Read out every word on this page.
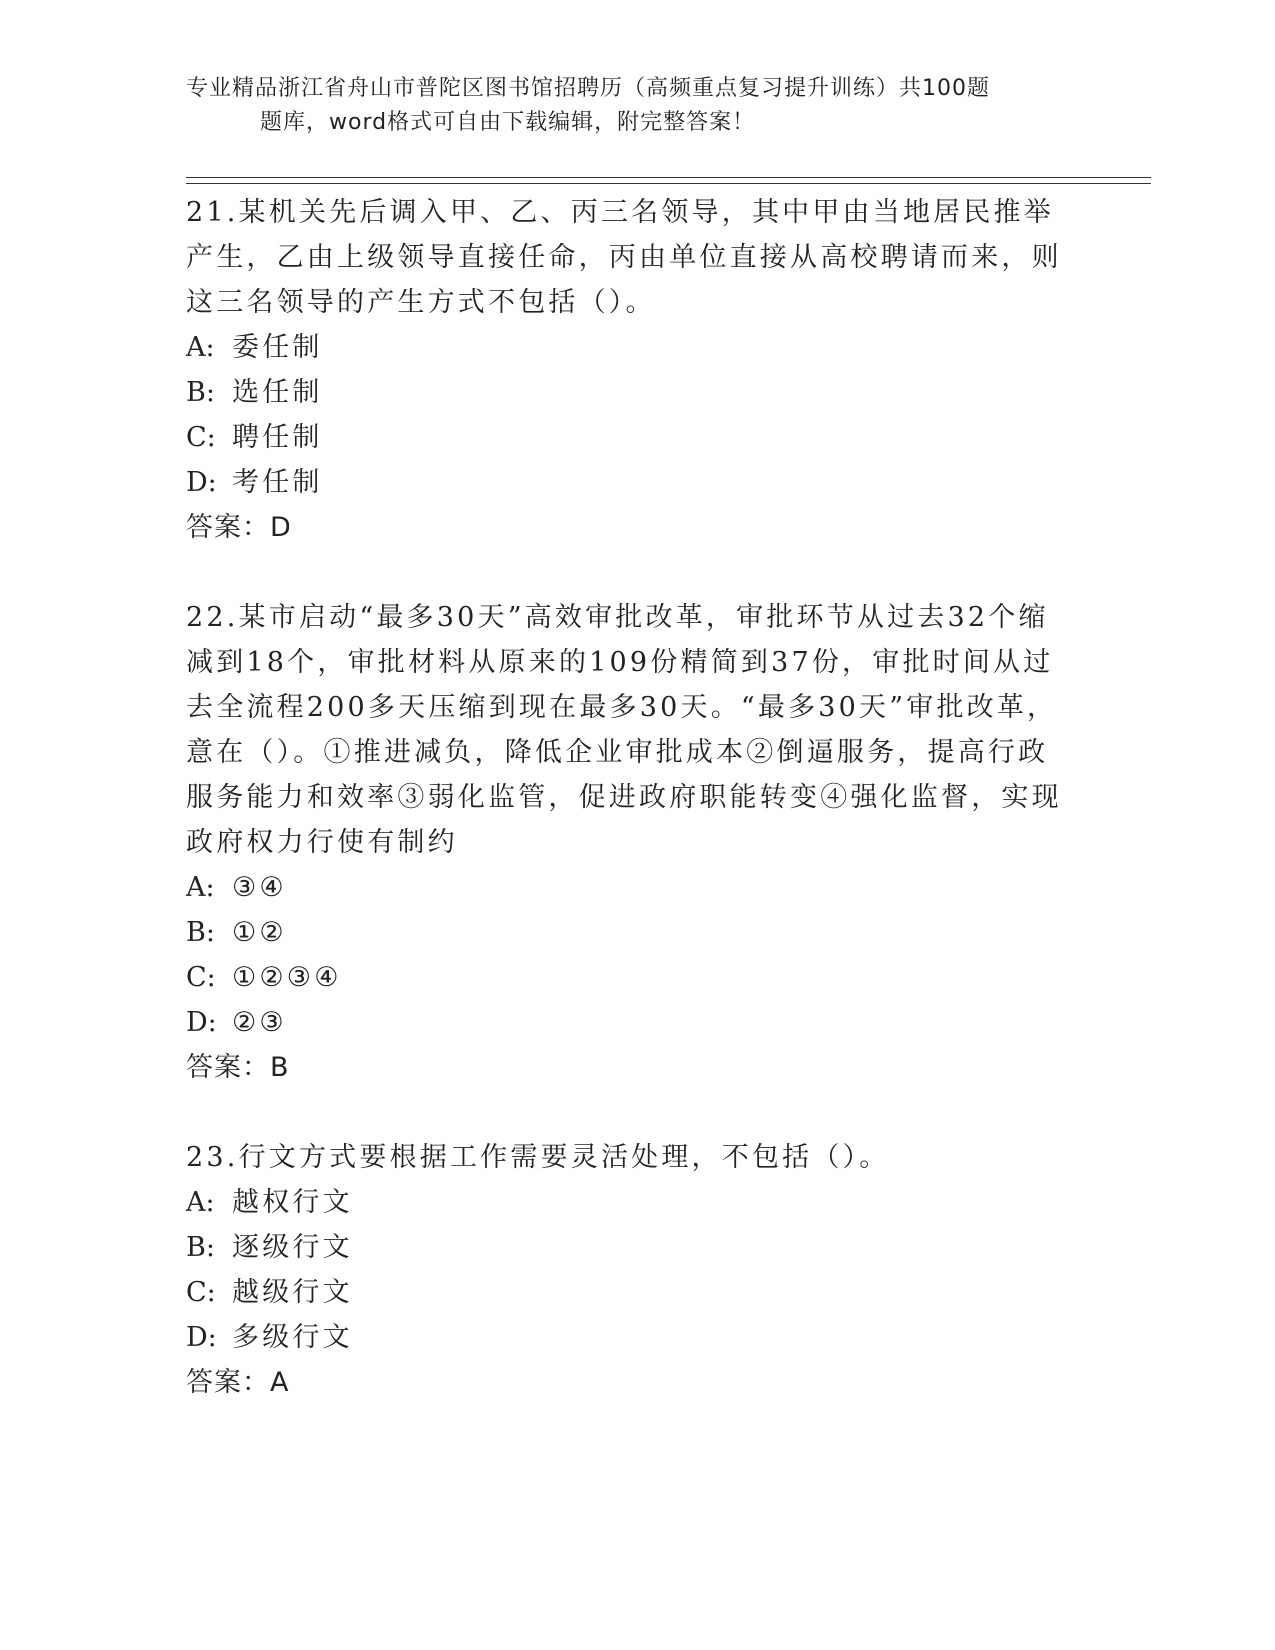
专业精品浙江省舟山市普陀区图书馆招聘历（高频重点复习提升训练）共100题
题库，word格式可自由下载编辑，附完整答案！

21.某机关先后调入甲、乙、丙三名领导，其中甲由当地居民推举产生，乙由上级领导直接任命，丙由单位直接从高校聘请而来，则这三名领导的产生方式不包括（）。

A: 委任制

B: 选任制

C: 聘任制

D: 考任制

答案：D

22.某市启动“最多30天”高效审批改革，审批环节从过去32个缩减到18个，审批材料从原来的109份精简到37份，审批时间从过去全流程200多天压缩到现在最多30天。“最多30天”审批改革，意在（）。①推进减负，降低企业审批成本②倒逼服务，提高行政服务能力和效率③弱化监管，促进政府职能转变④强化监督，实现政府权力行使有制约

A: ③④

B: ①②

C: ①②③④

D: ②③

答案：B

23.行文方式要根据工作需要灵活处理，不包括（）。

A: 越权行文

B: 逐级行文

C: 越级行文

D: 多级行文

答案：A
